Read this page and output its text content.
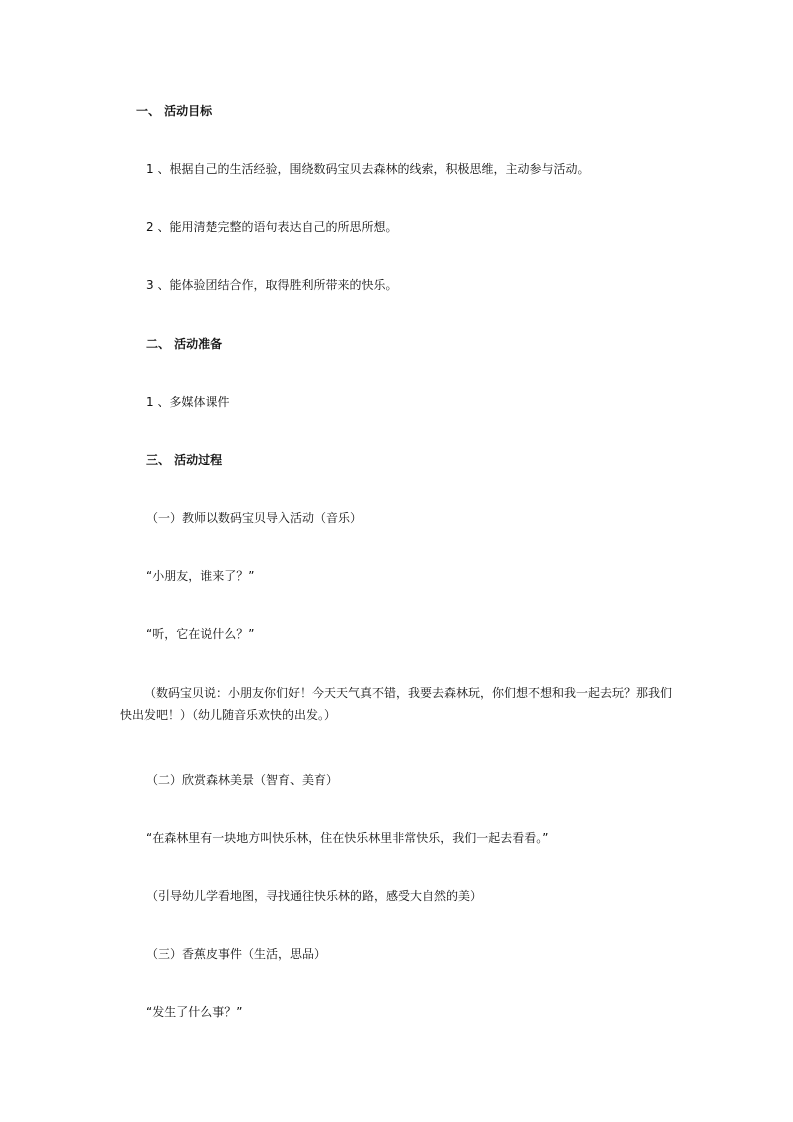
一、 活动目标
1 、根据自己的生活经验，围绕数码宝贝去森林的线索，积极思维，主动参与活动。
2 、能用清楚完整的语句表达自己的所思所想。
3 、能体验团结合作，取得胜利所带来的快乐。
二、 活动准备
1 、多媒体课件
三、 活动过程
（一）教师以数码宝贝导入活动（音乐）
“小朋友，谁来了？”
“听，它在说什么？”
（数码宝贝说：小朋友你们好！今天天气真不错，我要去森林玩，你们想不想和我一起去玩？那我们快出发吧！）（幼儿随音乐欢快的出发。）
（二）欣赏森林美景（智育、美育）
“在森林里有一块地方叫快乐林，住在快乐林里非常快乐，我们一起去看看。”
（引导幼儿学看地图，寻找通往快乐林的路，感受大自然的美）
（三）香蕉皮事件（生活，思品）
“发生了什么事？”
